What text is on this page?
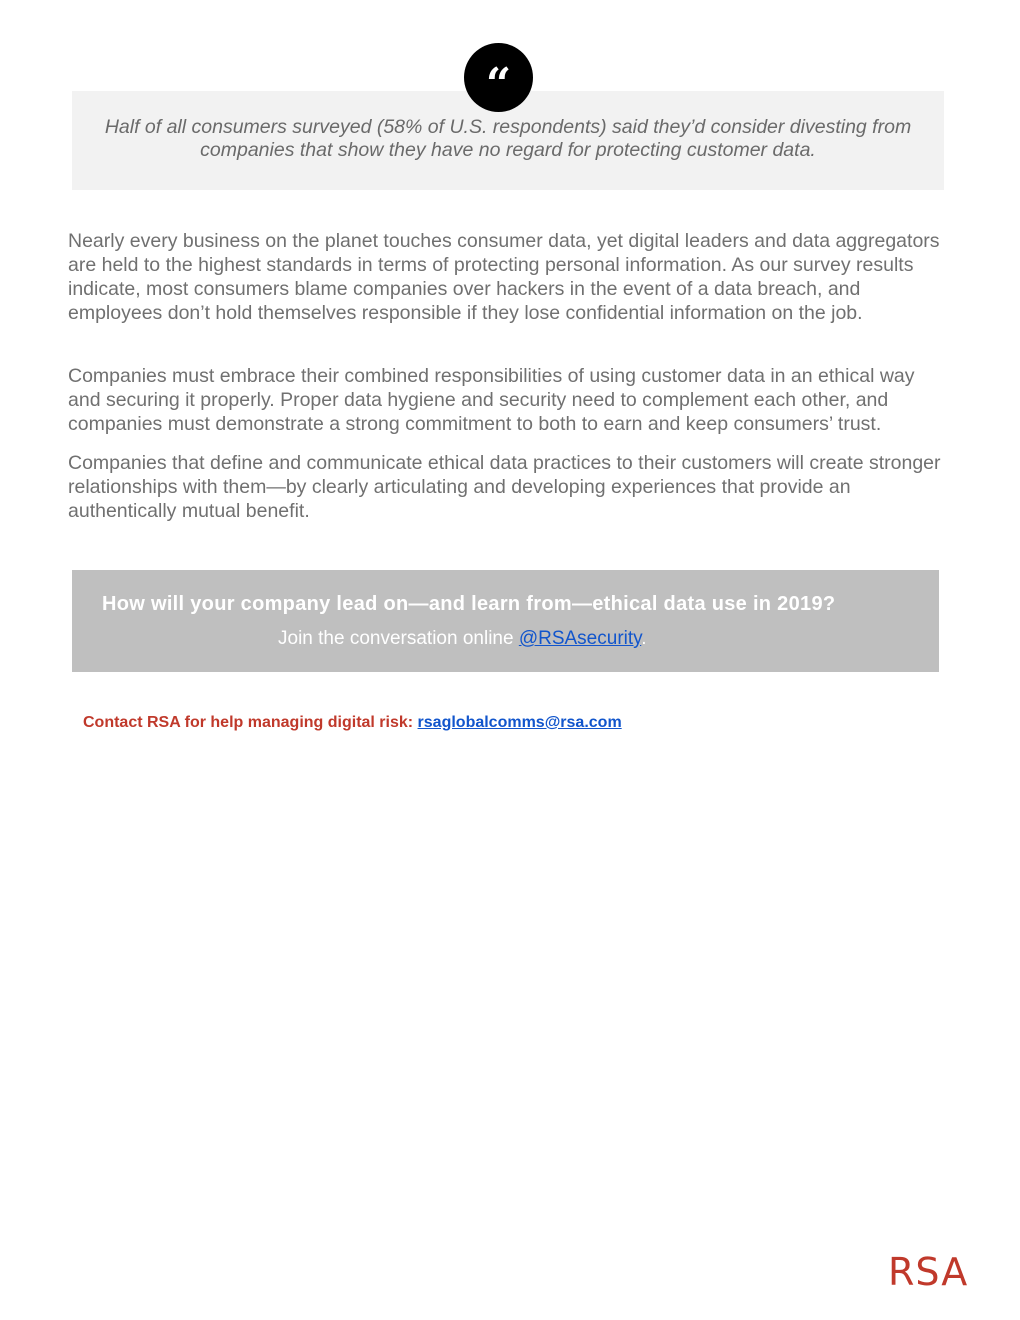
“
Half of all consumers surveyed (58% of U.S. respondents) said they’d consider divesting from companies that show they have no regard for protecting customer data.

Nearly every business on the planet touches consumer data, yet digital leaders and data aggregators are held to the highest standards in terms of protecting personal information. As our survey results indicate, most consumers blame companies over hackers in the event of a data breach, and employees don’t hold themselves responsible if they lose confidential information on the job.

Companies must embrace their combined responsibilities of using customer data in an ethical way and securing it properly. Proper data hygiene and security need to complement each other, and companies must demonstrate a strong commitment to both to earn and keep consumers’ trust.

Companies that define and communicate ethical data practices to their customers will create stronger relationships with them—by clearly articulating and developing experiences that provide an authentically mutual benefit.

How will your company lead on—and learn from—ethical data use in 2019?
Join the conversation online @RSAsecurity.
Contact RSA for help managing digital risk: rsaglobalcomms@rsa.com
RSA
